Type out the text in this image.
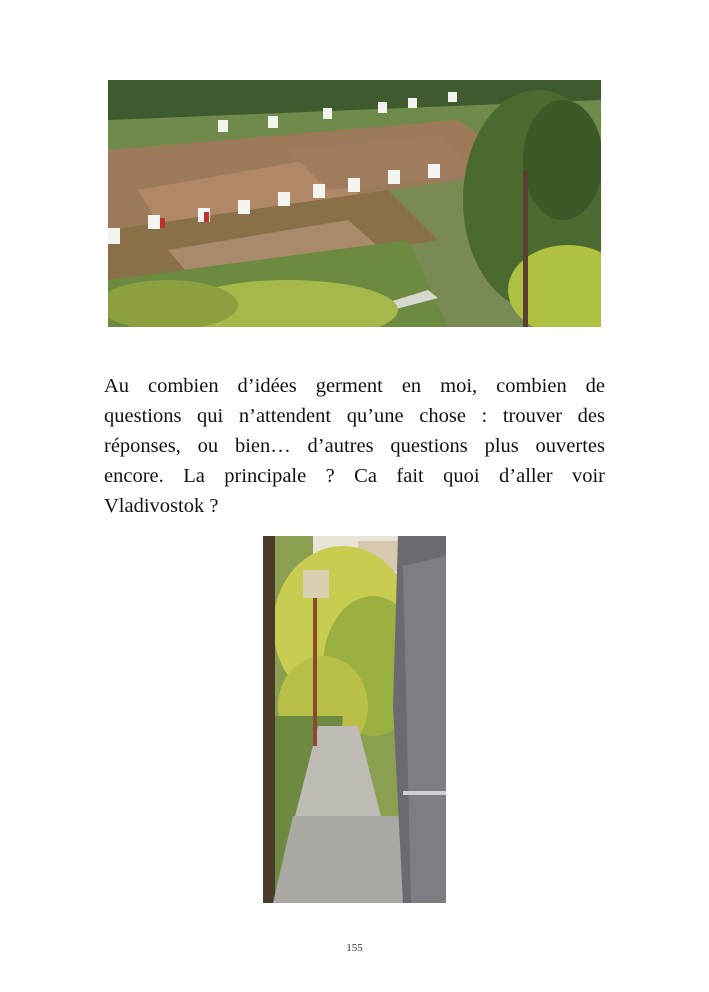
Au combien d’idées germent en moi, combien de
questions qui n’attendent qu’une chose : trouver des
réponses, ou bien… d’autres questions plus ouvertes
encore. La principale ? Ca fait quoi d’aller voir
Vladivostok ?

155
